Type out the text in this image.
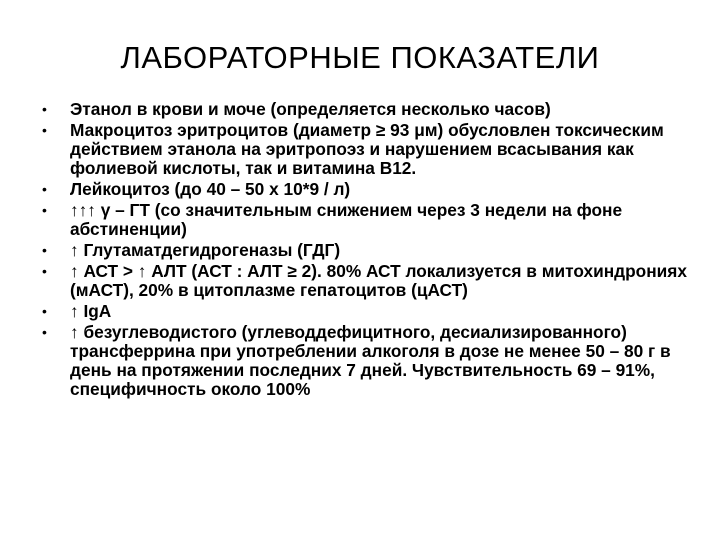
ЛАБОРАТОРНЫЕ ПОКАЗАТЕЛИ
• Этанол в крови и моче (определяется несколько часов)
• Макроцитоз эритроцитов (диаметр ≥ 93 μм) обусловлен токсическим действием этанола на эритропоэз и нарушением всасывания как фолиевой кислоты, так и витамина B12.
• Лейкоцитоз (до 40 – 50 х 10*9 / л)
• ↑↑↑ γ – ГТ (со значительным снижением через 3 недели на фоне абстиненции)
• ↑ Глутаматдегидрогеназы (ГДГ)
• ↑ АСТ > ↑ АЛТ (АСТ : АЛТ ≥ 2). 80% АСТ локализуется в митохиндрониях (мАСТ), 20% в цитоплазме гепатоцитов (цАСТ)
• ↑ IgA
• ↑ безуглеводистого (углеводдефицитного, десиализированного) трансферрина при употреблении алкоголя в дозе не менее 50 – 80 г в день на протяжении последних 7 дней. Чувствительность 69 – 91%, специфичность около 100%
